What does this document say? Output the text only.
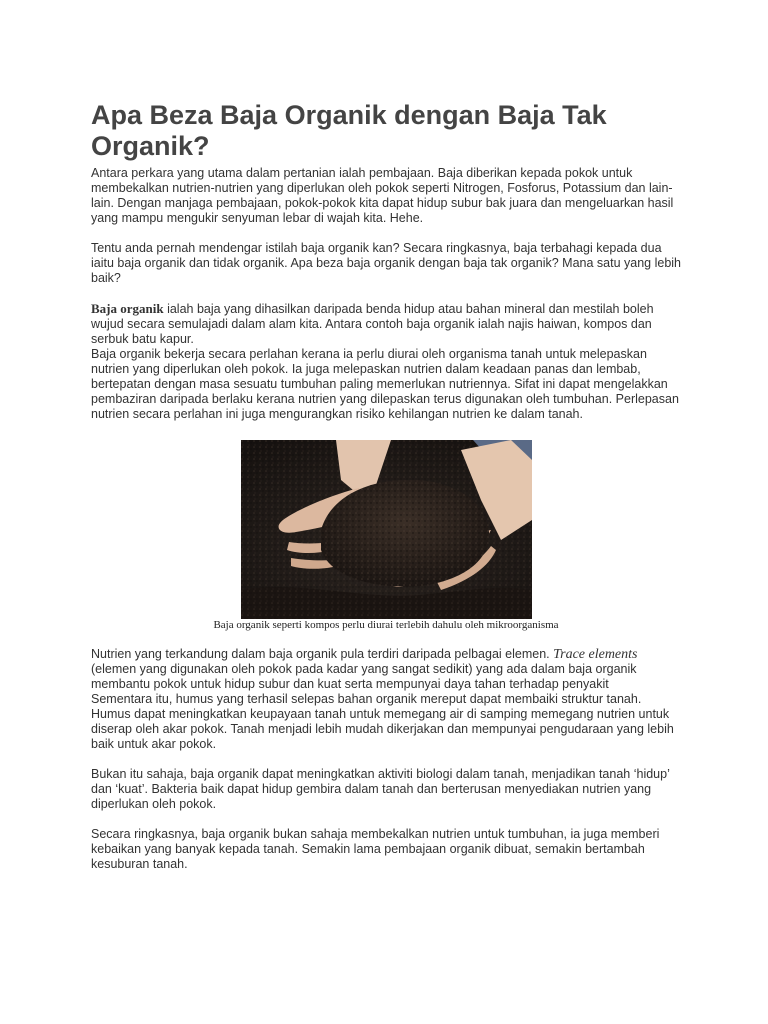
Apa Beza Baja Organik dengan Baja Tak Organik?

Antara perkara yang utama dalam pertanian ialah pembajaan. Baja diberikan kepada pokok untuk membekalkan nutrien-nutrien yang diperlukan oleh pokok seperti Nitrogen, Fosforus, Potassium dan lain-lain. Dengan manjaga pembajaan, pokok-pokok kita dapat hidup subur bak juara dan mengeluarkan hasil yang mampu mengukir senyuman lebar di wajah kita. Hehe.

Tentu anda pernah mendengar istilah baja organik kan? Secara ringkasnya, baja terbahagi kepada dua iaitu baja organik dan tidak organik. Apa beza baja organik dengan baja tak organik? Mana satu yang lebih baik?

Baja organik ialah baja yang dihasilkan daripada benda hidup atau bahan mineral dan mestilah boleh wujud secara semulajadi dalam alam kita. Antara contoh baja organik ialah najis haiwan, kompos dan serbuk batu kapur.

Baja organik bekerja secara perlahan kerana ia perlu diurai oleh organisma tanah untuk melepaskan nutrien yang diperlukan oleh pokok. Ia juga melepaskan nutrien dalam keadaan panas dan lembab, bertepatan dengan masa sesuatu tumbuhan paling memerlukan nutriennya. Sifat ini dapat mengelakkan pembaziran daripada berlaku kerana nutrien yang dilepaskan terus digunakan oleh tumbuhan. Perlepasan nutrien secara perlahan ini juga mengurangkan risiko kehilangan nutrien ke dalam tanah.

Baja organik seperti kompos perlu diurai terlebih dahulu oleh mikroorganisma

Nutrien yang terkandung dalam baja organik pula terdiri daripada pelbagai elemen. Trace elements (elemen yang digunakan oleh pokok pada kadar yang sangat sedikit) yang ada dalam baja organik membantu pokok untuk hidup subur dan kuat serta mempunyai daya tahan terhadap penyakit

Sementara itu, humus yang terhasil selepas bahan organik mereput dapat membaiki struktur tanah. Humus dapat meningkatkan keupayaan tanah untuk memegang air di samping memegang nutrien untuk diserap oleh akar pokok. Tanah menjadi lebih mudah dikerjakan dan mempunyai pengudaraan yang lebih baik untuk akar pokok.

Bukan itu sahaja, baja organik dapat meningkatkan aktiviti biologi dalam tanah, menjadikan tanah ‘hidup’ dan ‘kuat’. Bakteria baik dapat hidup gembira dalam tanah dan berterusan menyediakan nutrien yang diperlukan oleh pokok.

Secara ringkasnya, baja organik bukan sahaja membekalkan nutrien untuk tumbuhan, ia juga memberi kebaikan yang banyak kepada tanah. Semakin lama pembajaan organik dibuat, semakin bertambah kesuburan tanah.
